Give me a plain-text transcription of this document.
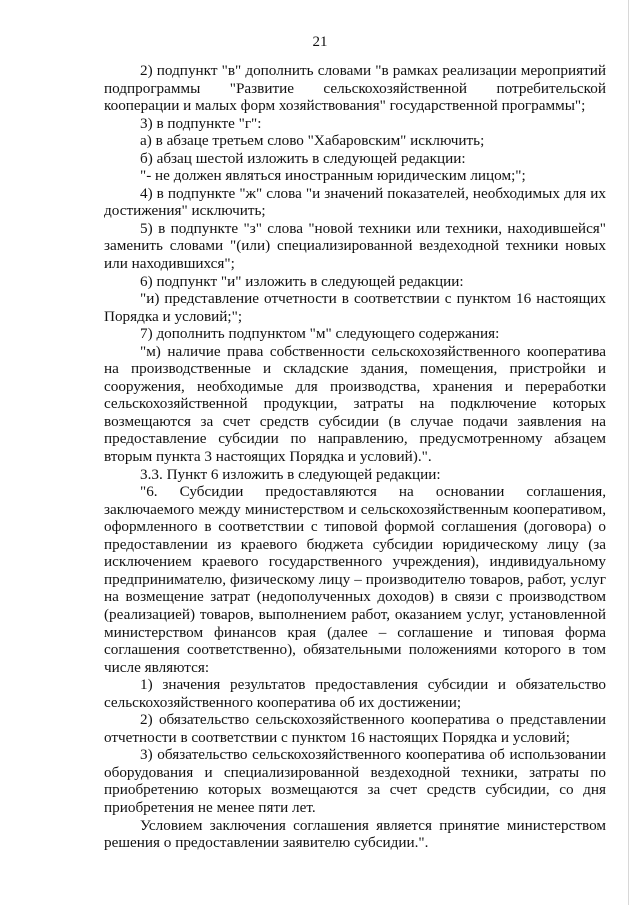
21

2) подпункт "в" дополнить словами "в рамках реализации мероприятий подпрограммы "Развитие сельскохозяйственной потребительской кооперации и малых форм хозяйствования" государственной программы";

3) в подпункте "г":

а) в абзаце третьем слово "Хабаровским" исключить;

б) абзац шестой изложить в следующей редакции:

"- не должен являться иностранным юридическим лицом;";

4) в подпункте "ж" слова "и значений показателей, необходимых для их достижения" исключить;

5) в подпункте "з" слова "новой техники или техники, находившейся" заменить словами "(или) специализированной вездеходной техники новых или находившихся";

6) подпункт "и" изложить в следующей редакции:

"и) представление отчетности в соответствии с пунктом 16 настоящих Порядка и условий;";

7) дополнить подпунктом "м" следующего содержания:

"м) наличие права собственности сельскохозяйственного кооператива на производственные и складские здания, помещения, пристройки и сооружения, необходимые для производства, хранения и переработки сельскохозяйственной продукции, затраты на подключение которых возмещаются за счет средств субсидии (в случае подачи заявления на предоставление субсидии по направлению, предусмотренному абзацем вторым пункта 3 настоящих Порядка и условий).".

3.3. Пункт 6 изложить в следующей редакции:

"6. Субсидии предоставляются на основании соглашения, заключаемого между министерством и сельскохозяйственным кооперативом, оформленного в соответствии с типовой формой соглашения (договора) о предоставлении из краевого бюджета субсидии юридическому лицу (за исключением краевого государственного учреждения), индивидуальному предпринимателю, физическому лицу – производителю товаров, работ, услуг на возмещение затрат (недополученных доходов) в связи с производством (реализацией) товаров, выполнением работ, оказанием услуг, установленной министерством финансов края (далее – соглашение и типовая форма соглашения соответственно), обязательными положениями которого в том числе являются:

1) значения результатов предоставления субсидии и обязательство сельскохозяйственного кооператива об их достижении;

2) обязательство сельскохозяйственного кооператива о представлении отчетности в соответствии с пунктом 16 настоящих Порядка и условий;

3) обязательство сельскохозяйственного кооператива об использовании оборудования и специализированной вездеходной техники, затраты по приобретению которых возмещаются за счет средств субсидии, со дня приобретения не менее пяти лет.

Условием заключения соглашения является принятие министерством решения о предоставлении заявителю субсидии.".
